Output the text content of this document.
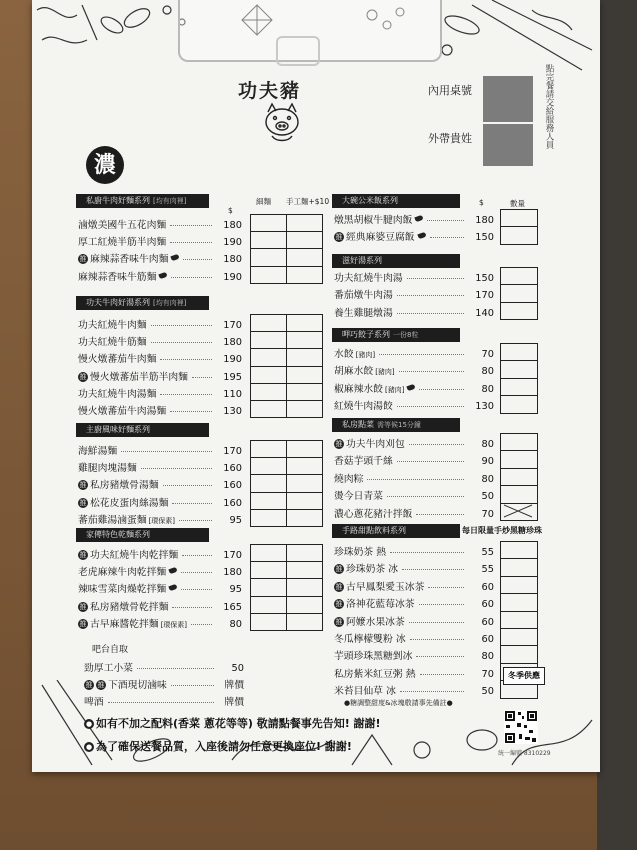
功夫豬
濃
內用桌號
外帶貴姓	點完餐請交給服務人員
$
細麵 手工麵+$10	$	數量
私廚牛肉好麵系列 [均有肉裡]
滷燉美國牛五花肉麵	180
厚工紅燒半筋半肉麵	190
推 麻辣蒜香味牛肉麵	180
麻辣蒜香味牛筋麵	190

功夫牛肉好湯系列 [均有肉裡]
功夫紅燒牛肉麵	170
功夫紅燒牛筋麵	180
慢火燉蕃茄牛肉麵	190
推 慢火燉蕃茄半筋半肉麵	195
功夫紅燒牛肉湯麵	110
慢火燉蕃茄牛肉湯麵	130

主廚風味好麵系列
海鮮湯麵	170
雞腿肉塊湯麵	160
推 私房豬燉骨湯麵	160
推 松花皮蛋肉絲湯麵	160
蕃茄雞湯滷蛋麵 [環保素]	95

家傳特色乾麵系列
推 功夫紅燒牛肉乾拌麵	170
老虎麻辣牛肉乾拌麵	180
辣味雪菜肉燥乾拌麵	95
推 私房豬燉骨乾拌麵	165
推 古早麻醬乾拌麵 [環保素]	80

吧台自取
勁厚工小菜	50
推 推 下酒現切滷味	牌價
啤酒	牌價
大碗公米飯系列
燉黑胡椒牛腱肉飯	180
推 經典麻婆豆腐飯	150

滋好湯系列
功夫紅燒牛肉湯	150
番茄燉牛肉湯	170
養生雞腿燉湯	140

呷巧餃子系列 一份8粒
水餃 [豬肉]	70
胡麻水餃 [豬肉]	80
椒麻辣水餃 [豬肉]	80
紅燒牛肉湯餃	130

私房點菜 需等候15分鐘
推 功夫牛肉刈包	80
香菇芋頭千絲	90
燒肉粽	80
燙今日青菜	50
濃心蔥花豬汁拌飯	70

手路甜點飲料系列	每日限量手炒黑糖珍珠
珍珠奶茶 熱	55
推 珍珠奶茶 冰	55
推 古早鳳梨愛玉冰茶	60
推 洛神花藍莓冰茶	60
推 阿嬤水果冰茶	60
冬瓜檸檬雙粉 冰	60
芋頭珍珠黑糖剉冰	80
私房紫米紅豆粥 熱	70
米苔目仙草 冰	50

冬季供應
●糖調整甜度&冰塊敬請事先備註●
● 如有不加之配料(香菜 蔥花等等) 敬請點餐事先告知! 謝謝!
● 為了確保送餐品質，入座後請勿任意更換座位! 謝謝!
統一編號 8310229
